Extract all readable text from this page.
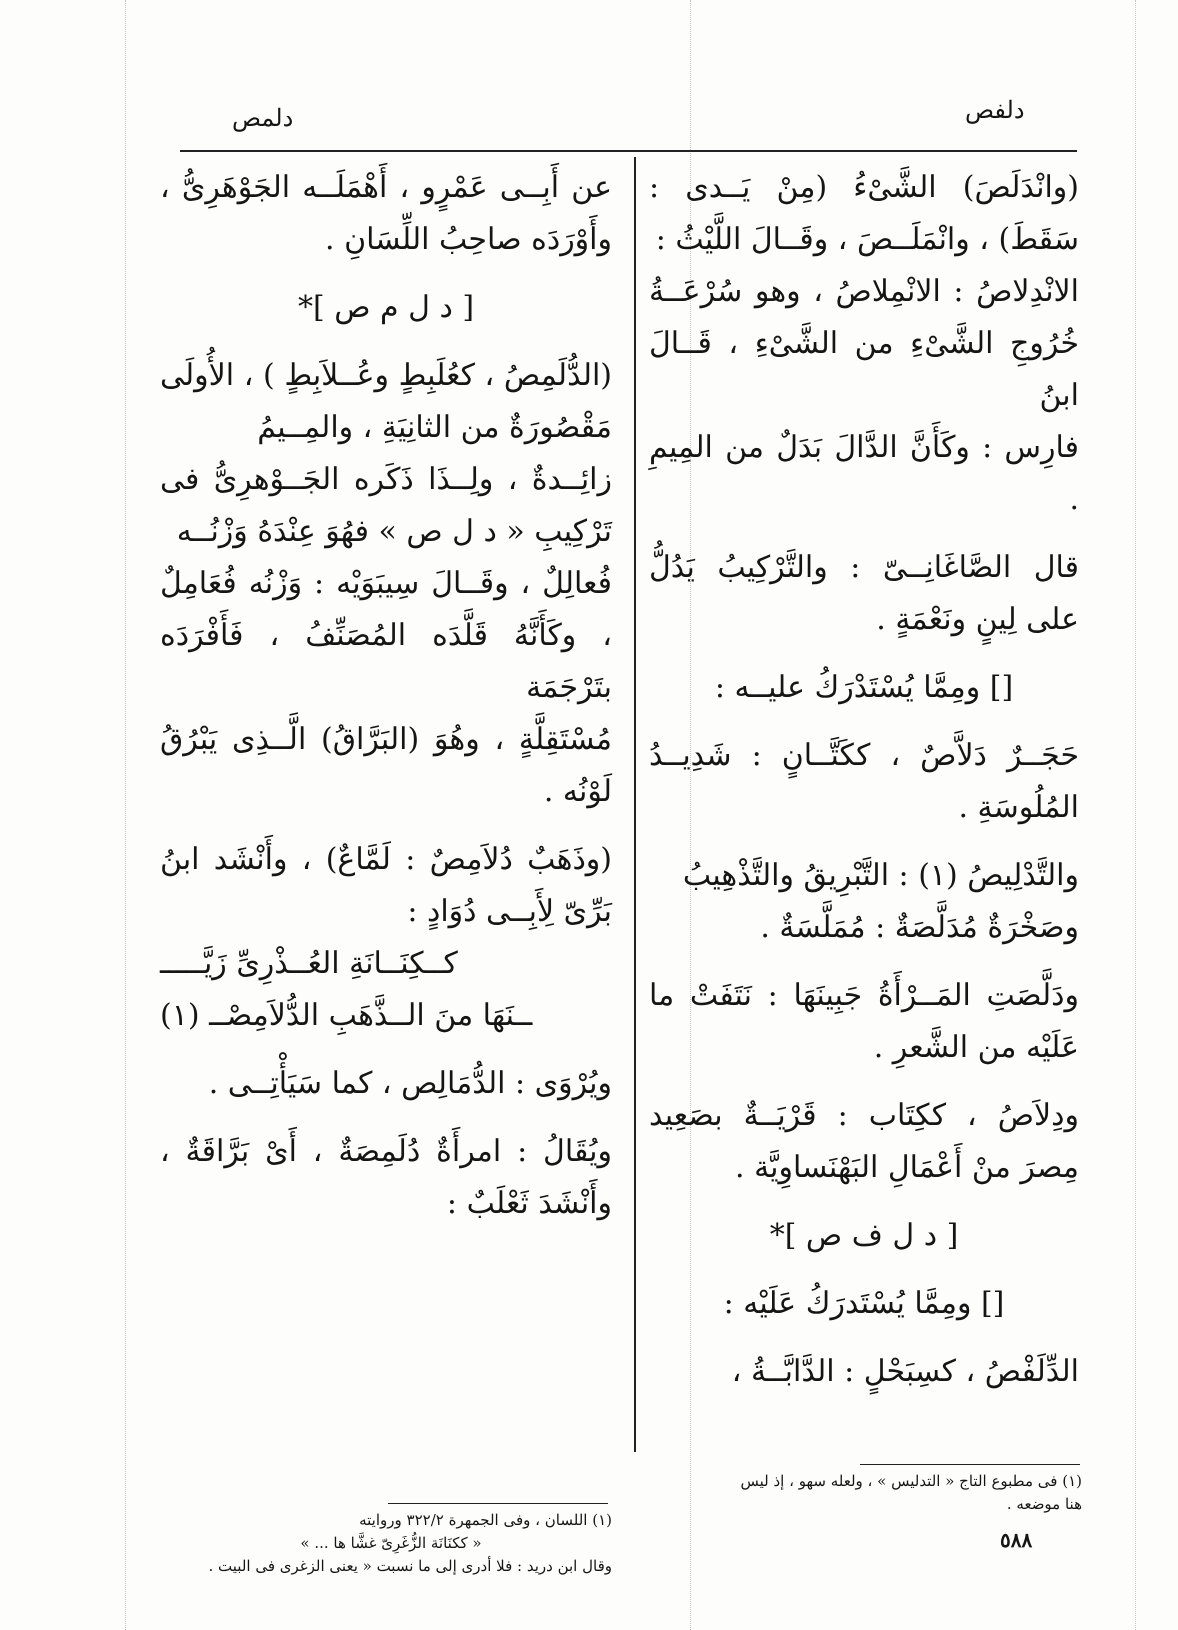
دلمص	دلفص

(وانْدَلَصَ) الشَّىْءُ (مِنْ يَــدى : سَقَطَ) ، وانْمَلَــصَ ، وقَــالَ اللَّيْثُ :

الانْدِلاصُ : الانْمِلاصُ ، وهو سُرْعَــةُ خُرُوجِ الشَّىْءِ من الشَّىْءِ ، قَــالَ ابنُ

فارِس : وكَأَنَّ الدَّالَ بَدَلٌ من المِيمِ .

قال الصَّاغَانِــىّ : والتَّرْكِيبُ يَدُلُّ على لِينٍ ونَعْمَةٍ .

[] ومِمَّا يُسْتَدْرَكُ عليــه :

حَجَــرٌ دَلاَّصٌ ، ككَتَّــانٍ : شَدِيــدُ المُلُوسَةِ .

والتَّدْلِيصُ (١) : التَّبْرِيقُ والتَّذْهِيبُ

وصَخْرَةٌ مُدَلَّصَةٌ : مُمَلَّسَةٌ .

ودَلَّصَتِ المَــرْأَةُ جَبِينَهَا : نَتَفَتْ ما عَلَيْه من الشَّعرِ .

ودِلاَصُ ، ككِتَاب : قَرْيَــةٌ بصَعِيد مِصرَ منْ أَعْمَالِ البَهْنَساوِيَّة .

[ د ل ف ص ]*

[] ومِمَّا يُسْتَدرَكُ عَلَيْه :

الدِّلَفْصُ ، كسِبَحْلٍ : الدَّابَّــةُ ،

عن أَبِــى عَمْرٍو ، أَهْمَلَــه الجَوْهَرِىُّ ، وأَوْرَدَه صاحِبُ اللِّسَانِ .

[ د ل م ص ]*

(الدُّلَمِصُ ، كعُلَبِطٍ وعُــلاَبِطٍ ) ، الأُولَى مَقْصُورَةٌ من الثانِيَةِ ، والمِــيمُ

زائِــدةٌ ، ولِــذَا ذَكَره الجَــوْهرِىُّ فى تَرْكِيبِ « د ل ص » فهُوَ عِنْدَهُ وَزْنُــه

فُعالِلٌ ، وقَــالَ سِيبَوَيْه : وَزْنُه فُعَامِلٌ ، وكَأَنَّهُ قَلَّدَه المُصَنِّفُ ، فَأَفْرَدَه بتَرْجَمَة

مُسْتَقِلَّةٍ ، وهُوَ (البَرَّاقُ) الَّــذِى يَبْرُقُ لَوْنُه .

(وذَهَبٌ دُلاَمِصٌ : لَمَّاعٌ) ، وأَنْشَد ابنُ بَرِّىّ لِأَبِــى دُوَادٍ :

كــكِنَــانَةِ العُــذْرِىِّ زَيَّـــــ

ــنَهَا منَ الــذَّهَبِ الدُّلاَمِصْــ (١)

ويُرْوَى : الدُّمَالِص ، كما سَيَأْتِــى .

ويُقَالُ : امرأَةٌ دُلَمِصَةٌ ، أَىْ بَرَّاقَةٌ ، وأَنْشَدَ ثَعْلَبٌ :

(١) اللسان ، وفى الجمهرة ٣٢٢/٢ وروايته

« ككنَانَة الزُّغَرِىّ غشَّا ها ... »

وقال ابن دريد : فلا أدرى إلى ما نسبت « يعنى الزغرى فى البيت .

(١) فى مطبوع التاج « التدليس » ، ولعله سهو ، إذ ليس

هنا موضعه .

٥٨٨
